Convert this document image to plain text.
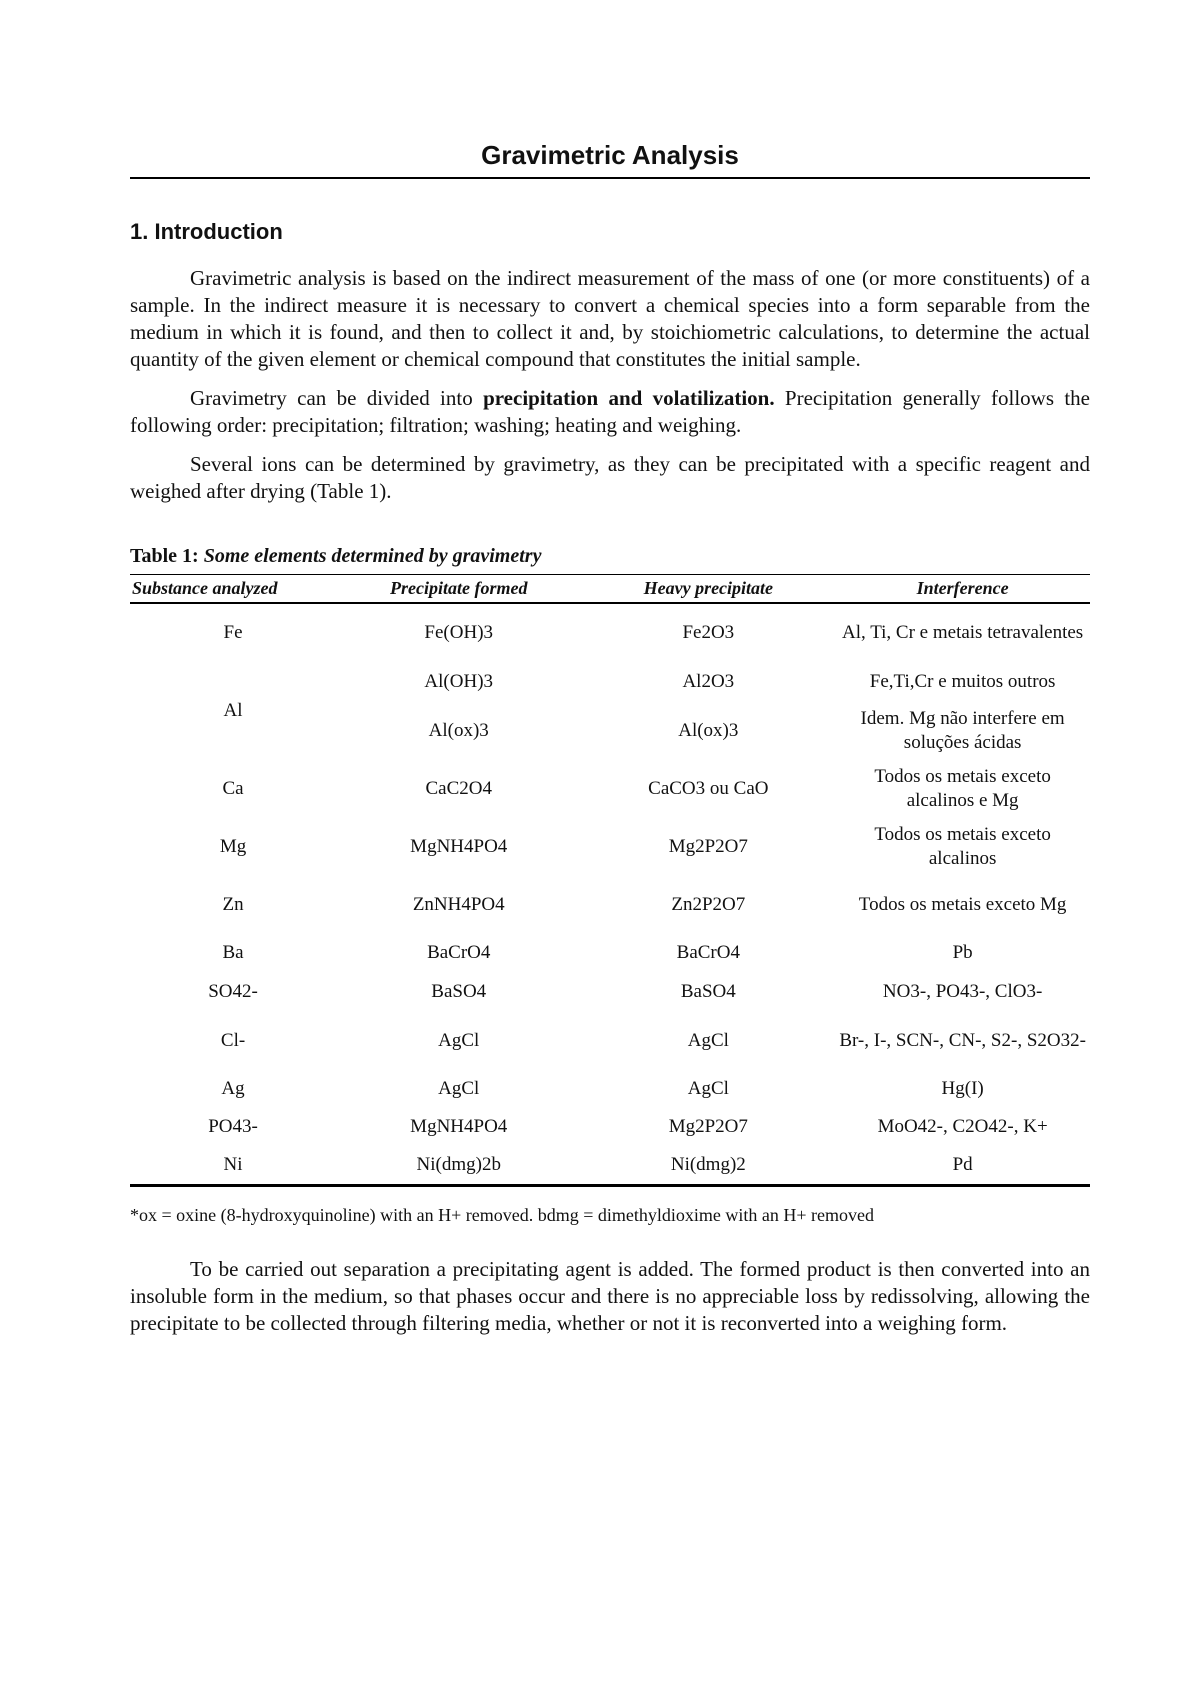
Gravimetric Analysis
1. Introduction

Gravimetric analysis is based on the indirect measurement of the mass of one (or more constituents) of a sample. In the indirect measure it is necessary to convert a chemical species into a form separable from the medium in which it is found, and then to collect it and, by stoichiometric calculations, to determine the actual quantity of the given element or chemical compound that constitutes the initial sample.

Gravimetry can be divided into precipitation and volatilization. Precipitation generally follows the following order: precipitation; filtration; washing; heating and weighing.

Several ions can be determined by gravimetry, as they can be precipitated with a specific reagent and weighed after drying (Table 1).

Table 1: Some elements determined by gravimetry
Substance analyzed	Precipitate formed	Heavy precipitate	Interference
Fe	Fe(OH)3	Fe2O3	Al, Ti, Cr e metais tetravalentes
Al	Al(OH)3	Al2O3	Fe,Ti,Cr e muitos outros
	Al(ox)3	Al(ox)3	Idem. Mg não interfere em soluções ácidas
Ca	CaC2O4	CaCO3 ou CaO	Todos os metais exceto alcalinos e Mg
Mg	MgNH4PO4	Mg2P2O7	Todos os metais exceto alcalinos
Zn	ZnNH4PO4	Zn2P2O7	Todos os metais exceto Mg
Ba	BaCrO4	BaCrO4	Pb
SO42-	BaSO4	BaSO4	NO3-, PO43-, ClO3-
Cl-	AgCl	AgCl	Br-, I-, SCN-, CN-, S2-, S2O32-
Ag	AgCl	AgCl	Hg(I)
PO43-	MgNH4PO4	Mg2P2O7	MoO42-, C2O42-, K+
Ni	Ni(dmg)2b	Ni(dmg)2	Pd
*ox = oxine (8-hydroxyquinoline) with an H+ removed. bdmg = dimethyldioxime with an H+ removed

To be carried out separation a precipitating agent is added. The formed product is then converted into an insoluble form in the medium, so that phases occur and there is no appreciable loss by redissolving, allowing the precipitate to be collected through filtering media, whether or not it is reconverted into a weighing form.
